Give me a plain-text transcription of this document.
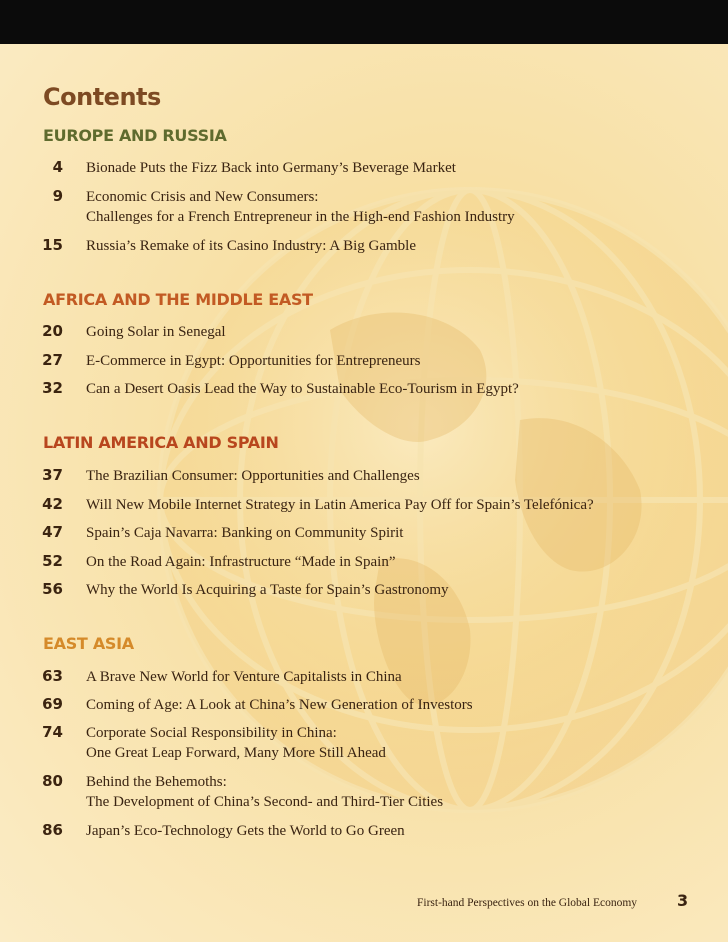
Contents
EUROPE AND RUSSIA
4 Bionade Puts the Fizz Back into Germany’s Beverage Market
9 Economic Crisis and New Consumers:
Challenges for a French Entrepreneur in the High-end Fashion Industry
15 Russia’s Remake of its Casino Industry: A Big Gamble
AFRICA AND THE MIDDLE EAST
20 Going Solar in Senegal
27 E-Commerce in Egypt: Opportunities for Entrepreneurs
32 Can a Desert Oasis Lead the Way to Sustainable Eco-Tourism in Egypt?
LATIN AMERICA AND SPAIN
37 The Brazilian Consumer: Opportunities and Challenges
42 Will New Mobile Internet Strategy in Latin America Pay Off for Spain’s Telefónica?
47 Spain’s Caja Navarra: Banking on Community Spirit
52 On the Road Again: Infrastructure “Made in Spain”
56 Why the World Is Acquiring a Taste for Spain’s Gastronomy
EAST ASIA
63 A Brave New World for Venture Capitalists in China
69 Coming of Age: A Look at China’s New Generation of Investors
74 Corporate Social Responsibility in China:
One Great Leap Forward, Many More Still Ahead
80 Behind the Behemoths:
The Development of China’s Second- and Third-Tier Cities
86 Japan’s Eco-Technology Gets the World to Go Green
First-hand Perspectives on the Global Economy 3
